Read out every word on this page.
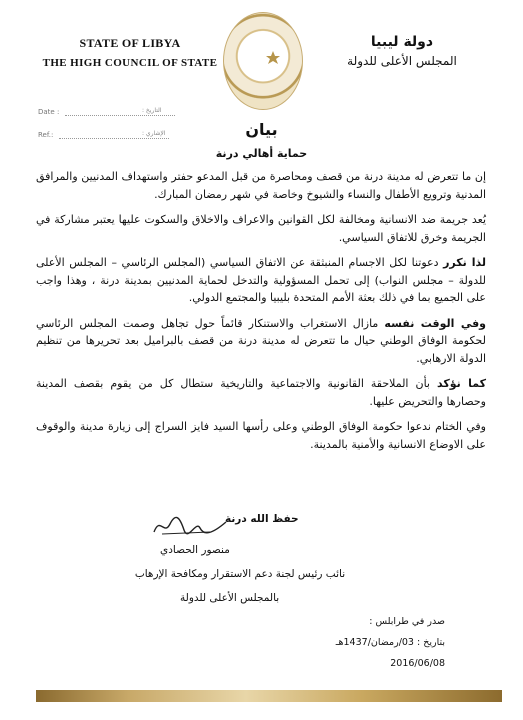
STATE OF LIBYA
THE HIGH COUNCIL OF STATE
دولة ليبيا
المجلس الأعلى للدولة
Date :	التاريخ :
Ref.:	الإشاري :	بيان
حماية أهالي درنة

إن ما تتعرض له مدينة درنة من قصف ومحاصرة من قبل المدعو حفتر واستهداف المدنيين والمرافق المدنية وترويع الأطفال والنساء والشيوخ وخاصة في شهر رمضان المبارك.

يُعد جريمة ضد الانسانية ومخالفة لكل القوانين والاعراف والاخلاق والسكوت عليها يعتبر مشاركة في الجريمة وخرق للاتفاق السياسي.

لذا نكرر دعوتنا لكل الاجسام المنبثقة عن الاتفاق السياسي (المجلس الرئاسي – المجلس الأعلى للدولة – مجلس النواب) إلى تحمل المسؤولية والتدخل لحماية المدنيين بمدينة درنة ، وهذا واجب على الجميع بما في ذلك بعثة الأمم المتحدة بليبيا والمجتمع الدولي.

وفي الوقت نفسه مازال الاستغراب والاستنكار قائماً حول تجاهل وصمت المجلس الرئاسي لحكومة الوفاق الوطني حيال ما تتعرض له مدينة درنة من قصف بالبراميل بعد تحريرها من تنظيم الدولة الارهابي.

كما نؤكد بأن الملاحقة القانونية والاجتماعية والتاريخية ستطال كل من يقوم بقصف المدينة وحصارها والتحريض عليها.

وفي الختام ندعوا حكومة الوفاق الوطني وعلى رأسها السيد فايز السراج إلى زيارة مدينة والوقوف على الاوضاع الانسانية والأمنية بالمدينة.

حفظ الله درنة
منصور الحصادي
نائب رئيس لجنة دعم الاستقرار ومكافحة الإرهاب
بالمجلس الأعلى للدولة
صدر في طرابلس :
بتاريخ : 03/رمضان/1437هـ
2016/06/08
